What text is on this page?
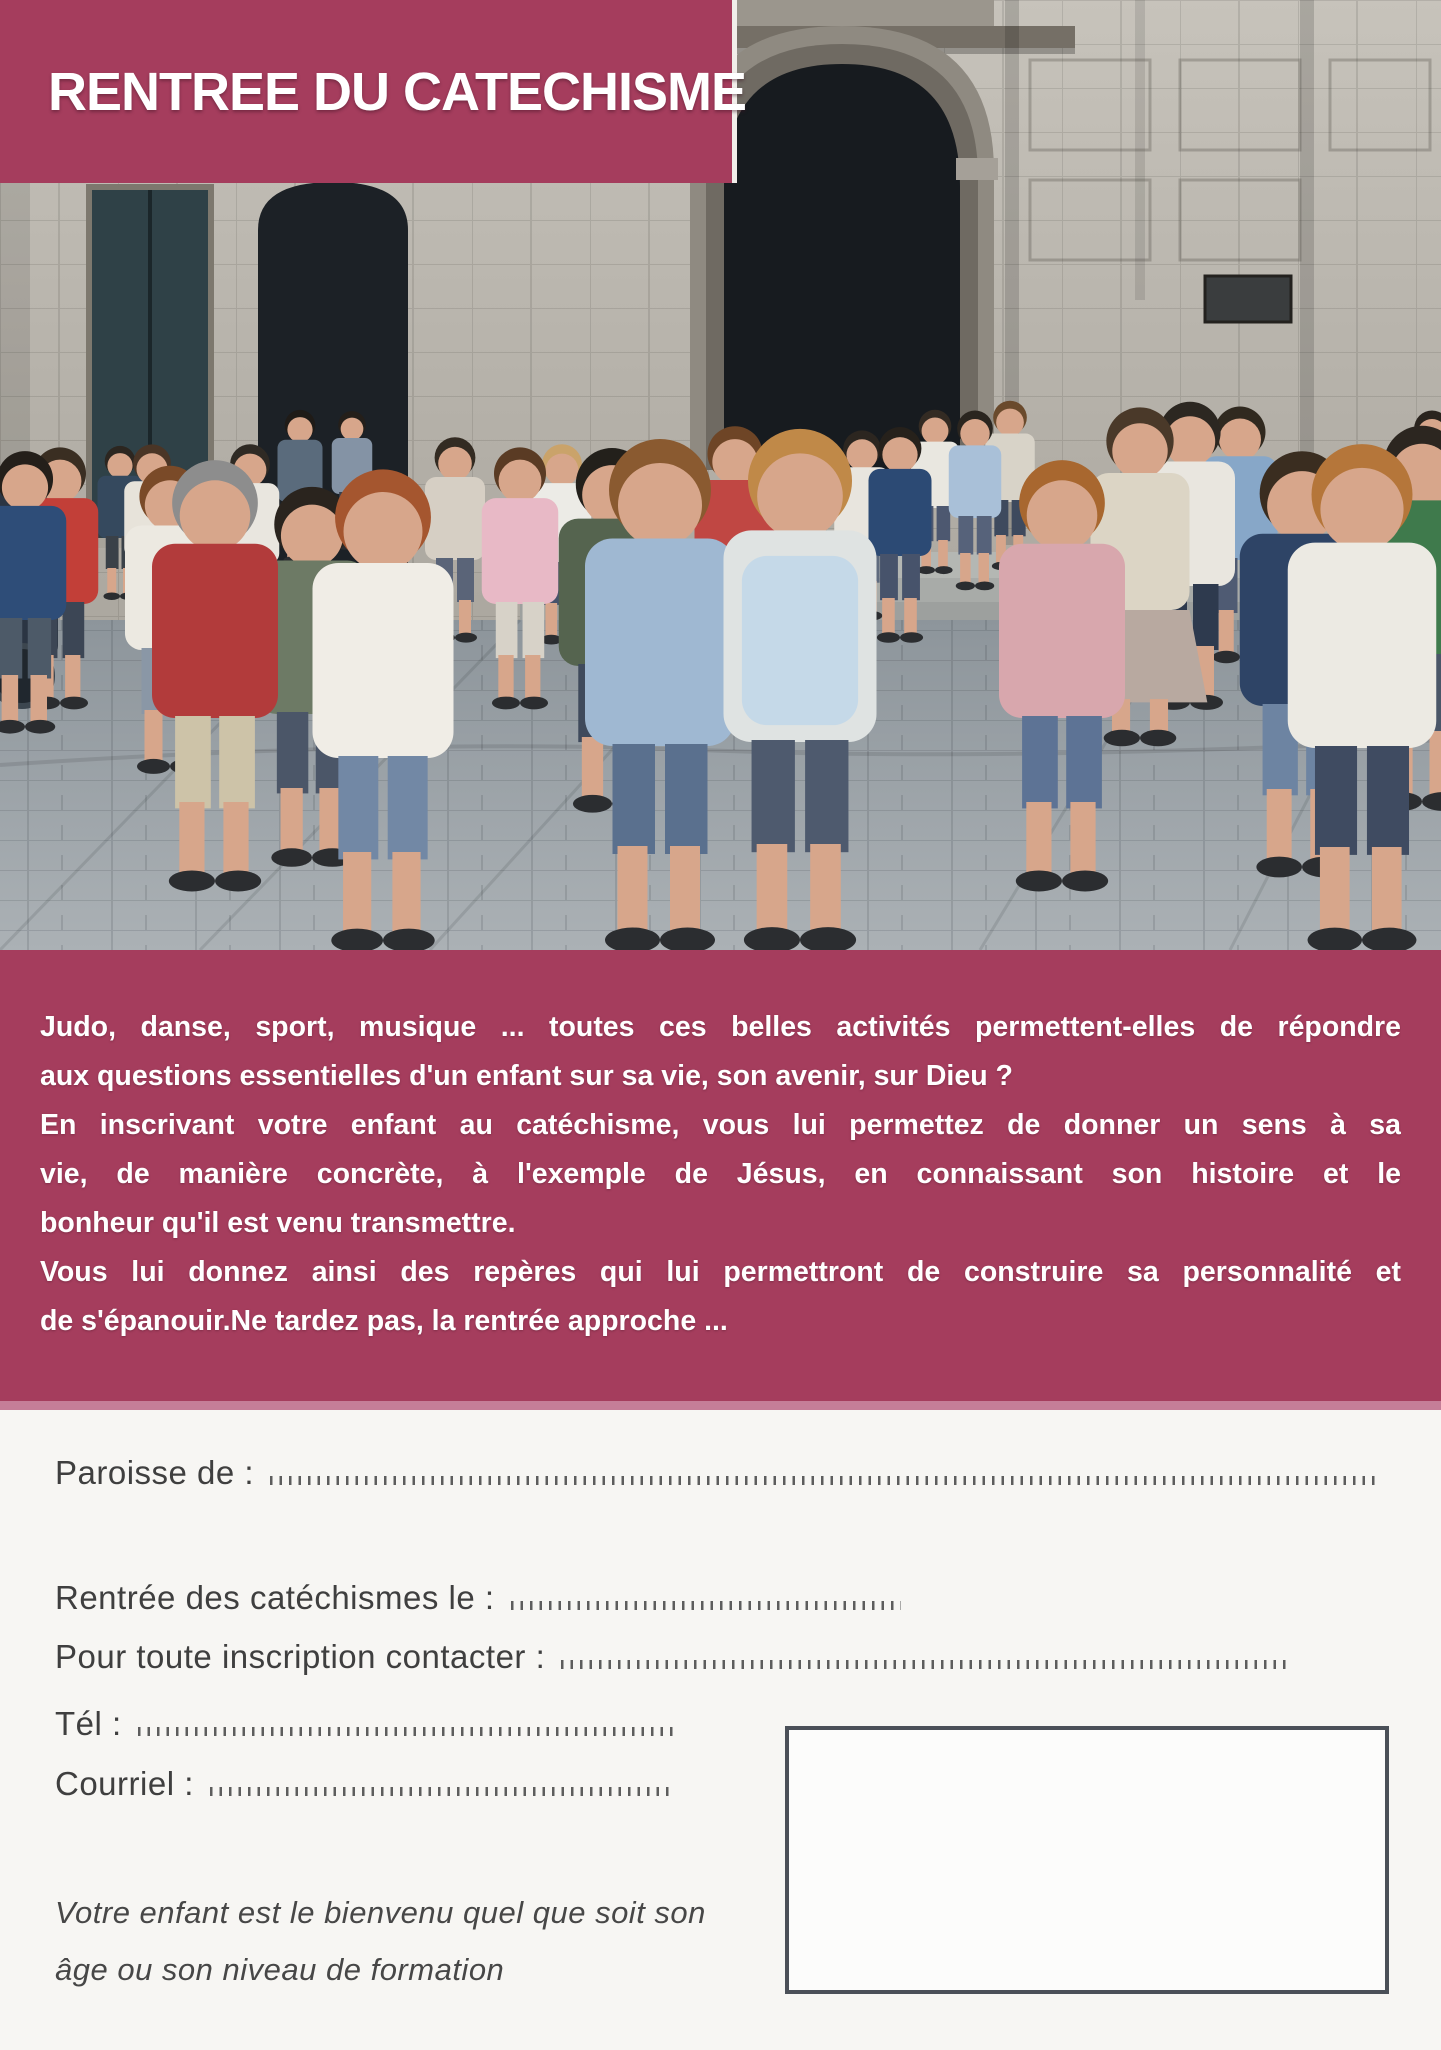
RENTREE DU CATECHISME
Judo, danse, sport, musique ... toutes ces belles activités permettent-elles de répondre
aux questions essentielles d'un enfant sur sa vie, son avenir, sur Dieu ?
En inscrivant votre enfant au catéchisme, vous lui permettez de donner un sens à sa
vie, de manière concrète, à l'exemple de Jésus, en connaissant son histoire et le
bonheur qu'il est venu transmettre.
Vous lui donnez ainsi des repères qui lui permettront de construire sa personnalité et
de s'épanouir.Ne tardez pas, la rentrée approche ...
Paroisse de :
Rentrée des catéchismes le :
Pour toute inscription contacter :
Tél :
Courriel :
Votre enfant est le bienvenu quel que soit son
âge ou son niveau de formation
